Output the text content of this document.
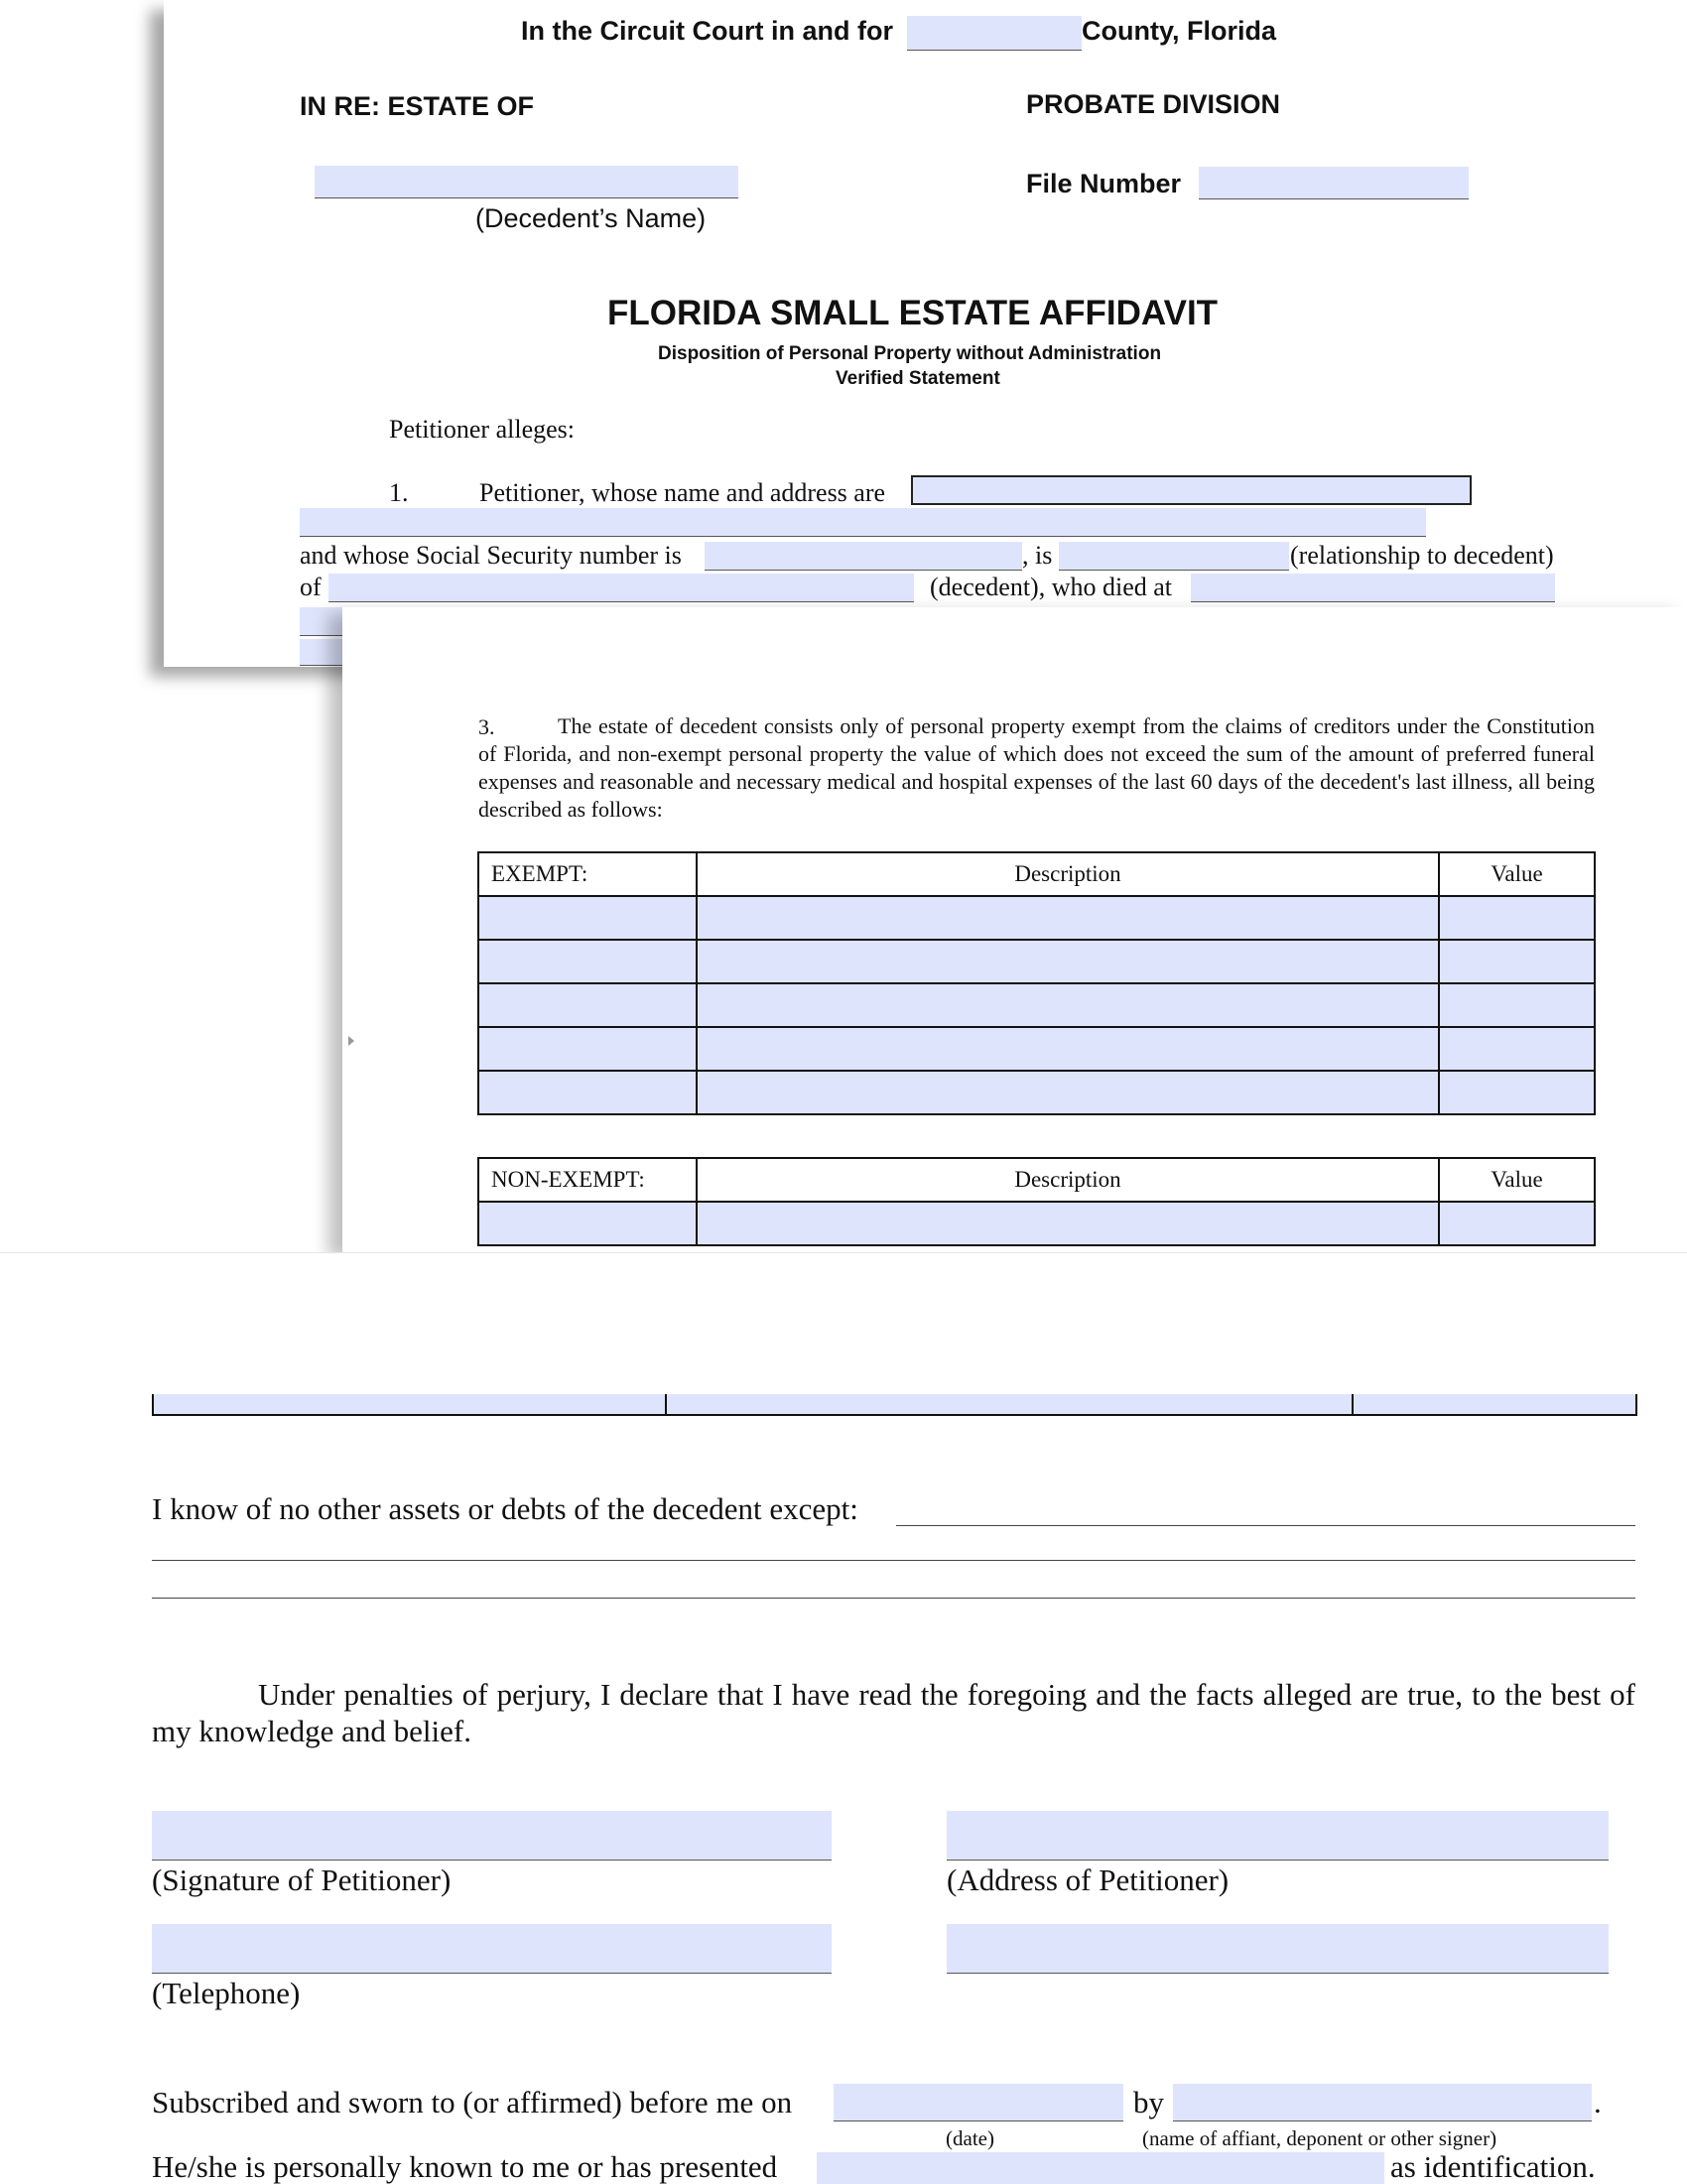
In the Circuit Court in and for	County, Florida
IN RE: ESTATE OF	PROBATE DIVISION
(Decedent’s Name)
File Number
FLORIDA SMALL ESTATE AFFIDAVIT
Disposition of Personal Property without Administration
Verified Statement
Petitioner alleges:
1.	Petitioner, whose name and address are
and whose Social Security number is	, is	(relationship to decedent)
of	(decedent), who died at
3.	The estate of decedent consists only of personal property exempt from the claims of creditors under the Constitution of Florida, and non-exempt personal property the value of which does not exceed the sum of the amount of preferred funeral expenses and reasonable and necessary medical and hospital expenses of the last 60 days of the decedent's last illness, all being described as follows:
EXEMPT:	Description	Value

NON-EXEMPT:	Description	Value

I know of no other assets or debts of the decedent except:
Under penalties of perjury, I declare that I have read the foregoing and the facts alleged are true, to the best of my knowledge and belief.
(Signature of Petitioner)	(Address of Petitioner)
(Telephone)
Subscribed and sworn to (or affirmed) before me on	by	.
(date)	(name of affiant, deponent or other signer)
He/she is personally known to me or has presented	as identification.
